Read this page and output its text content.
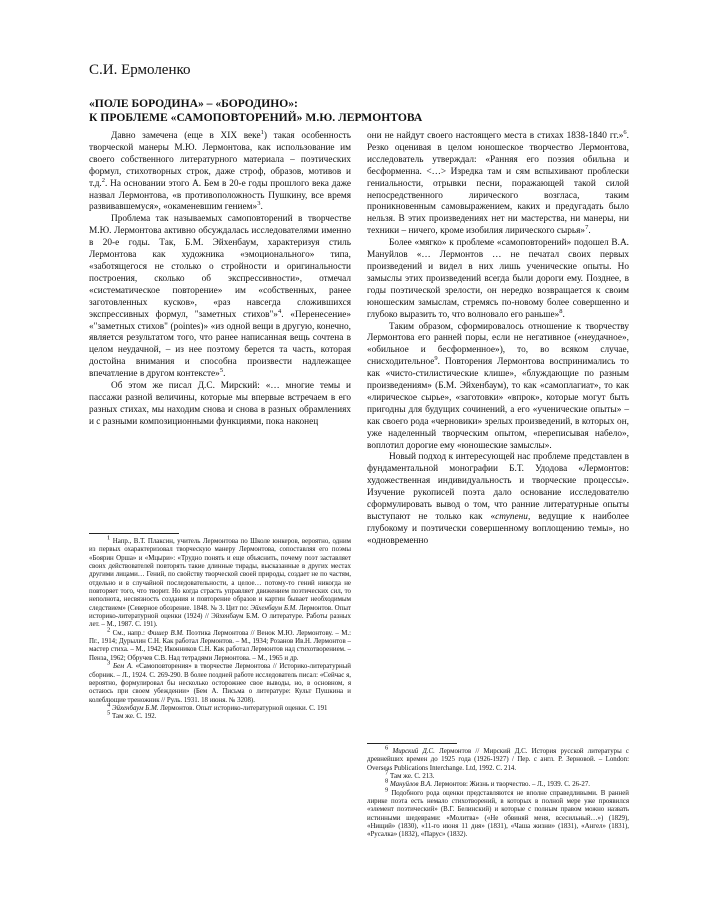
С.И. Ермоленко
«ПОЛЕ БОРОДИНА» – «БОРОДИНО»:
К ПРОБЛЕМЕ «САМОПОВТОРЕНИЙ» М.Ю. ЛЕРМОНТОВА

Давно замечена (еще в XIX веке$^1$) такая особенность творческой манеры М.Ю. Лермонтова, как использование им своего собственного литературного материала – поэтических формул, стихотворных строк, даже строф, образов, мотивов и т.д.$^2$. На основании этого А. Бем в 20-е годы прошлого века даже назвал Лермонтова, «в противоположность Пушкину, все время развивавшемуся», «окаменевшим гением»$^3$.

Проблема так называемых самоповторений в творчестве М.Ю. Лермонтова активно обсуждалась исследователями именно в 20-е годы. Так, Б.М. Эйхенбаум, характеризуя стиль Лермонтова как художника «эмоционального» типа, «заботящегося не столько о стройности и оригинальности построения, сколько об экспрессивности», отмечал «систематическое повторение» им «собственных, ранее заготовленных кусков», «раз навсегда сложившихся экспрессивных формул, "заметных стихов"»$^4$. «Перенесение» «"заметных стихов" (pointes)» «из одной вещи в другую, конечно, является результатом того, что ранее написанная вещь сочтена в целом неудачной, – из нее поэтому берется та часть, которая достойна внимания и способна произвести надлежащее впечатление в другом контексте»$^5$.

Об этом же писал Д.С. Мирский: «… многие темы и пассажи разной величины, которые мы впервые встречаем в его разных стихах, мы находим снова и снова в разных обрамлениях и с разными композиционными функциями, пока наконец

они не найдут своего настоящего места в стихах 1838-1840 гг.»$^6$. Резко оценивая в целом юношеское творчество Лермонтова, исследователь утверждал: «Ранняя его поэзия обильна и бесформенна. <…> Изредка там и сям вспыхивают проблески гениальности, отрывки песни, поражающей такой силой непосредственного лирического возгласа, таким проникновенным самовыражением, каких и предугадать было нельзя. В этих произведениях нет ни мастерства, ни манеры, ни техники – ничего, кроме изобилия лирического сырья»$^7$.

Более «мягко» к проблеме «самоповторений» подошел В.А. Мануйлов «… Лермонтов … не печатал своих первых произведений и видел в них лишь ученические опыты. Но замыслы этих произведений всегда были дороги ему. Позднее, в годы поэтической зрелости, он нередко возвращается к своим юношеским замыслам, стремясь по-новому более совершенно и глубоко выразить то, что волновало его раньше»$^8$.

Таким образом, сформировалось отношение к творчеству Лермонтова его ранней поры, если не негативное («неудачное», «обильное и бесформенное»), то, во всяком случае, снисходительное$^9$. Повторения Лермонтова воспринимались то как «чисто-стилистические клише», «блуждающие по разным произведениям» (Б.М. Эйхенбаум), то как «самоплагиат», то как «лирическое сырье», «заготовки» «впрок», которые могут быть пригодны для будущих сочинений, а его «ученические опыты» – как своего рода «черновики» зрелых произведений, в которых он, уже наделенный творческим опытом, «переписывая набело», воплотил дорогие ему «юношеские замыслы».

Новый подход к интересующей нас проблеме представлен в фундаментальной монографии Б.Т. Удодова «Лермонтов: художественная индивидуальность и творческие процессы». Изучение рукописей поэта дало основание исследователю сформулировать вывод о том, что ранние литературные опыты выступают не только как «ступени, ведущие к наиболее глубокому и поэтически совершенному воплощению темы», но «одновременно

$^1$ Напр., В.Т. Плаксин, учитель Лермонтова по Школе юнкеров, вероятно, одним из первых охарактеризовал творческую манеру Лермонтова, сопоставляя его поэмы «Боярин Орша» и «Мцыри»: «Трудно понять и еще объяснить, почему поэт заставляет своих действователей повторять такие длинные тирады, высказанные в других местах другими лицами… Гений, по свойству творческой своей природы, создает не по частям, отдельно и в случайной последовательности, а целое… потому-то гений никогда не повторяет того, что творит. Но когда страсть управляет движением поэтических сил, то неполнота, несвязность создания и повторение образов и картин бывает необходимым следствием» (Северное обозрение. 1848. № 3. Цит по: Эйхенбаум Б.М. Лермонтов. Опыт историко-литературной оценки (1924) // Эйхенбаум Б.М. О литературе. Работы разных лет. – М., 1987. С. 191).

$^2$ См., напр.: Фишер В.М. Поэтика Лермонтова // Венок М.Ю. Лермонтову. – М.: Пг., 1914; Дурылин С.Н. Как работал Лермонтов. – М., 1934; Розанов Ив.Н. Лермонтов – мастер стиха. – М., 1942; Иконников С.Н. Как работал Лермонтов над стихотворением. – Пенза, 1962; Обручев С.В. Над тетрадями Лермонтова. – М., 1965 и др.

$^3$ Бем А. «Самоповторения» в творчестве Лермонтова // Историко-литературный сборник. – Л., 1924. С. 269-290. В более поздней работе исследователь писал: «Сейчас я, вероятно, формулировал бы несколько осторожнее свое выводы, но, в основном, я остаюсь при своем убеждении» (Бем А. Письма о литературе: Культ Пушкина и колеблющие треножник // Руль. 1931. 18 июня. № 3208).

$^4$ Эйхенбаум Б.М. Лермонтов. Опыт историко-литературной оценки. С. 191

$^5$ Там же. С. 192.

$^6$ Мирский Д.С. Лермонтов // Мирский Д.С. История русской литературы с древнейших времен до 1925 года (1926-1927) / Пер. с англ. Р. Зерновой. – London: Overseas Publications Interchange. Ltd, 1992. С. 214.

$^7$ Там же. С. 213.

$^8$ Мануйлов В.А. Лермонтов: Жизнь и творчество. – Л., 1939. С. 26-27.

$^9$ Подобного рода оценки представляются не вполне справедливыми. В ранней лирике поэта есть немало стихотворений, в которых в полной мере уже проявился «элемент поэтический» (В.Г. Белинский) и которые с полным правом можно назвать истинными шедеврами: «Молитва» («Не обвиняй меня, всесильный…») (1829), «Нищий» (1830), «11-го июня 11 дня» (1831), «Чаша жизни» (1831), «Ангел» (1831), «Русалка» (1832), «Парус» (1832).
